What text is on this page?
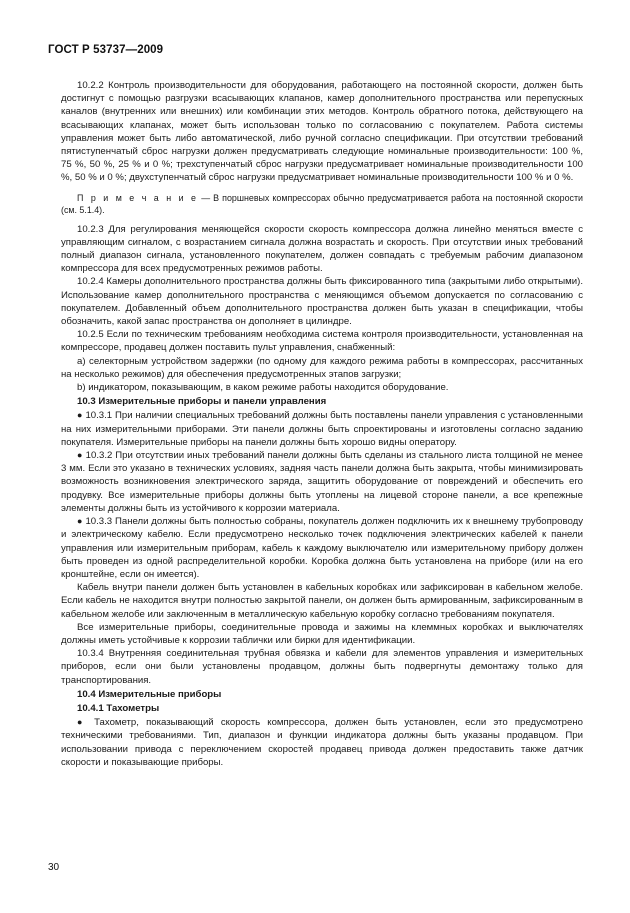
ГОСТ Р 53737—2009

10.2.2 Контроль производительности для оборудования, работающего на постоянной скорости, должен быть достигнут с помощью разгрузки всасывающих клапанов, камер дополнительного пространства или перепускных каналов (внутренних или внешних) или комбинации этих методов. Контроль обратного потока, действующего на всасывающих клапанах, может быть использован только по согласованию с покупателем. Работа системы управления может быть либо автоматической, либо ручной согласно спецификации. При отсутствии требований пятиступенчатый сброс нагрузки должен предусматривать следующие номинальные производительности: 100 %, 75 %, 50 %, 25 % и 0 %; трехступенчатый сброс нагрузки предусматривает номинальные производительности 100 %, 50 % и 0 %; двухступенчатый сброс нагрузки предусматривает номинальные производительности 100 % и 0 %.

П р и м е ч а н и е — В поршневых компрессорах обычно предусматривается работа на постоянной скорости (см. 5.1.4).

10.2.3 Для регулирования меняющейся скорости скорость компрессора должна линейно меняться вместе с управляющим сигналом, с возрастанием сигнала должна возрастать и скорость. При отсутствии иных требований полный диапазон сигнала, установленного покупателем, должен совпадать с требуемым рабочим диапазоном компрессора для всех предусмотренных режимов работы.

10.2.4 Камеры дополнительного пространства должны быть фиксированного типа (закрытыми либо открытыми). Использование камер дополнительного пространства с меняющимся объемом допускается по согласованию с покупателем. Добавленный объем дополнительного пространства должен быть указан в спецификации, чтобы обозначить, какой запас пространства он дополняет в цилиндре.

10.2.5 Если по техническим требованиям необходима система контроля производительности, установленная на компрессоре, продавец должен поставить пульт управления, снабженный:

а) селекторным устройством задержки (по одному для каждого режима работы в компрессорах, рассчитанных на несколько режимов) для обеспечения предусмотренных этапов загрузки;

b) индикатором, показывающим, в каком режиме работы находится оборудование.

10.3 Измерительные приборы и панели управления

● 10.3.1 При наличии специальных требований должны быть поставлены панели управления с установленными на них измерительными приборами. Эти панели должны быть спроектированы и изготовлены согласно заданию покупателя. Измерительные приборы на панели должны быть хорошо видны оператору.

● 10.3.2 При отсутствии иных требований панели должны быть сделаны из стального листа толщиной не менее 3 мм. Если это указано в технических условиях, задняя часть панели должна быть закрыта, чтобы минимизировать возможность возникновения электрического заряда, защитить оборудование от повреждений и обеспечить его продувку. Все измерительные приборы должны быть утоплены на лицевой стороне панели, а все крепежные элементы должны быть из устойчивого к коррозии материала.

● 10.3.3 Панели должны быть полностью собраны, покупатель должен подключить их к внешнему трубопроводу и электрическому кабелю. Если предусмотрено несколько точек подключения электрических кабелей к панели управления или измерительным приборам, кабель к каждому выключателю или измерительному прибору должен быть проведен из одной распределительной коробки. Коробка должна быть установлена на приборе (или на его кронштейне, если он имеется).

Кабель внутри панели должен быть установлен в кабельных коробках или зафиксирован в кабельном желобе. Если кабель не находится внутри полностью закрытой панели, он должен быть армированным, зафиксированным в кабельном желобе или заключенным в металлическую кабельную коробку согласно требованиям покупателя.

Все измерительные приборы, соединительные провода и зажимы на клеммных коробках и выключателях должны иметь устойчивые к коррозии таблички или бирки для идентификации.

10.3.4 Внутренняя соединительная трубная обвязка и кабели для элементов управления и измерительных приборов, если они были установлены продавцом, должны быть подвергнуты демонтажу только для транспортирования.

10.4 Измерительные приборы

10.4.1 Тахометры

● Тахометр, показывающий скорость компрессора, должен быть установлен, если это предусмотрено техническими требованиями. Тип, диапазон и функции индикатора должны быть указаны продавцом. При использовании привода с переключением скоростей продавец привода должен предоставить также датчик скорости и показывающие приборы.

30
